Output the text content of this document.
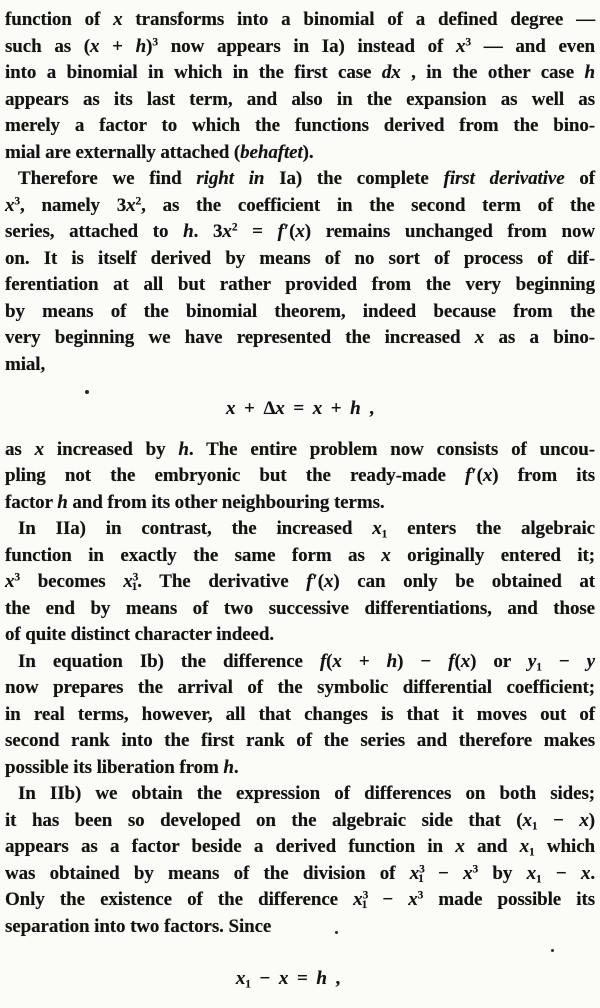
function of x transforms into a binomial of a defined degree —
such as $(x + h)^3$ now appears in Ia) instead of $x^3$ — and even
into a binomial in which in the first case dx , in the other case h
appears as its last term, and also in the expansion as well as
merely a factor to which the functions derived from the bino-
mial are externally attached (behaftet).
Therefore we find right in Ia) the complete first derivative of
$x^3$, namely $3x^2$, as the coefficient in the second term of the
series, attached to h. $3x^2 = f'(x)$ remains unchanged from now
on. It is itself derived by means of no sort of process of dif-
ferentiation at all but rather provided from the very beginning
by means of the binomial theorem, indeed because from the
very beginning we have represented the increased x as a bino-
mial,
x + Δx = x + h ,
as x increased by h. The entire problem now consists of uncou-
pling not the embryonic but the ready-made f′(x) from its
factor h and from its other neighbouring terms.
In IIa) in contrast, the increased $x_1$ enters the algebraic
function in exactly the same form as x originally entered it;
$x^3$ becomes $x^3_1$. The derivative f′(x) can only be obtained at
the end by means of two successive differentiations, and those
of quite distinct character indeed.
In equation Ib) the difference f(x + h) − f(x) or $y_1 - y$
now prepares the arrival of the symbolic differential coefficient;
in real terms, however, all that changes is that it moves out of
second rank into the first rank of the series and therefore makes
possible its liberation from h.
In IIb) we obtain the expression of differences on both sides;
it has been so developed on the algebraic side that $(x_1 - x)$
appears as a factor beside a derived function in x and $x_1$ which
was obtained by means of the division of $x^3_1 - x^3$ by $x_1 - x$.
Only the existence of the difference $x^3_1 - x^3$ made possible its
separation into two factors. Since
$x_1 - x = h$ ,
